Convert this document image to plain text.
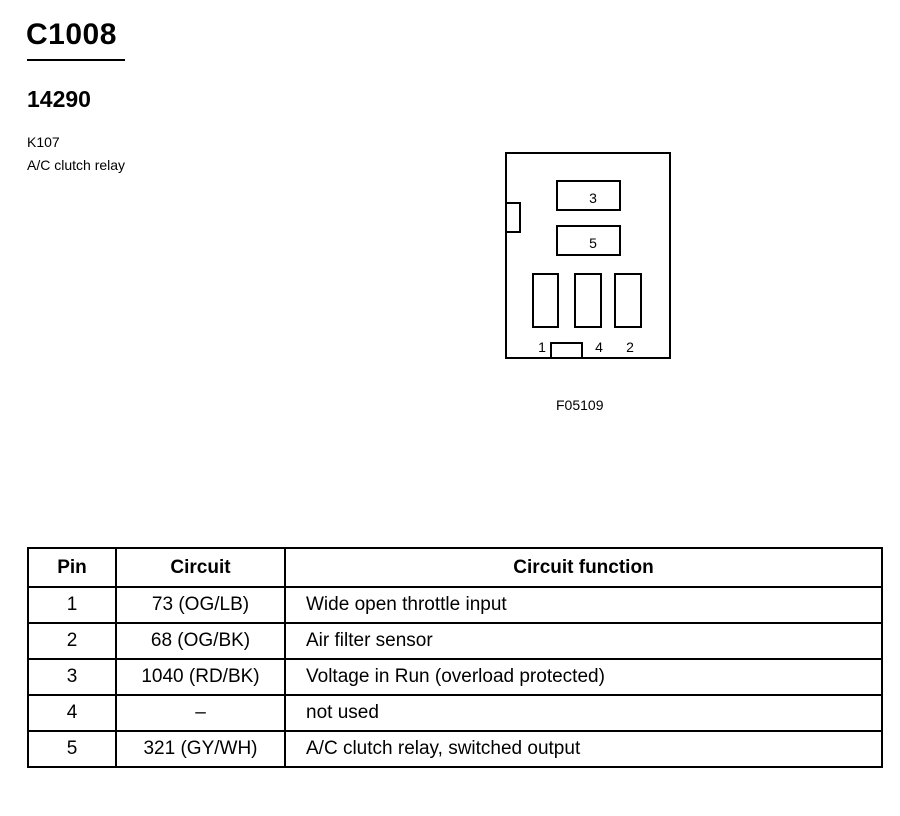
C1008
14290
K107
A/C clutch relay
3
5
1	4 2
F05109
Pin	Circuit	Circuit function
1	73 (OG/LB)	Wide open throttle input
2	68 (OG/BK)	Air filter sensor
3	1040 (RD/BK)	Voltage in Run (overload protected)
4	–	not used
5	321 (GY/WH)	A/C clutch relay, switched output
